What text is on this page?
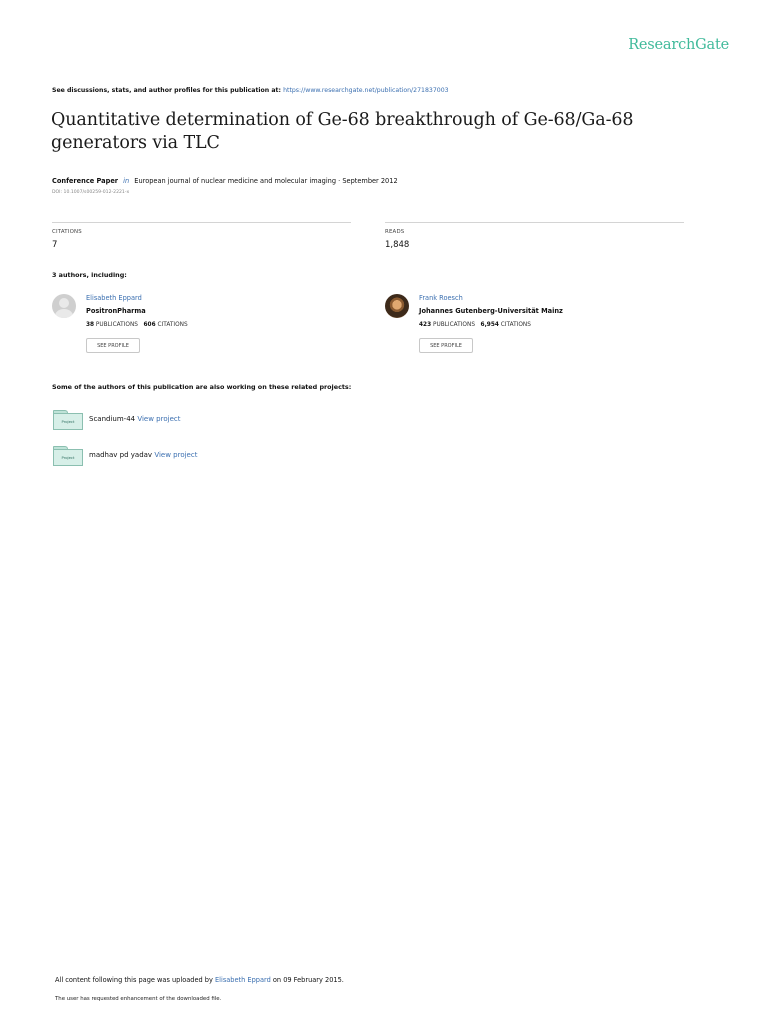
ResearchGate
See discussions, stats, and author profiles for this publication at: https://www.researchgate.net/publication/271837003
Quantitative determination of Ge-68 breakthrough of Ge-68/Ga-68 generators via TLC
Conference Paper in European journal of nuclear medicine and molecular imaging · September 2012
DOI: 10.1007/s00259-012-2221-x
CITATIONS
7
READS
1,848
3 authors, including:
Elisabeth Eppard
PositronPharma
38 PUBLICATIONS 606 CITATIONS
SEE PROFILE
Frank Roesch
Johannes Gutenberg-Universität Mainz
423 PUBLICATIONS 6,954 CITATIONS
SEE PROFILE
Some of the authors of this publication are also working on these related projects:
Project	Scandium-44 View project
Project	madhav pd yadav View project
All content following this page was uploaded by Elisabeth Eppard on 09 February 2015.
The user has requested enhancement of the downloaded file.
